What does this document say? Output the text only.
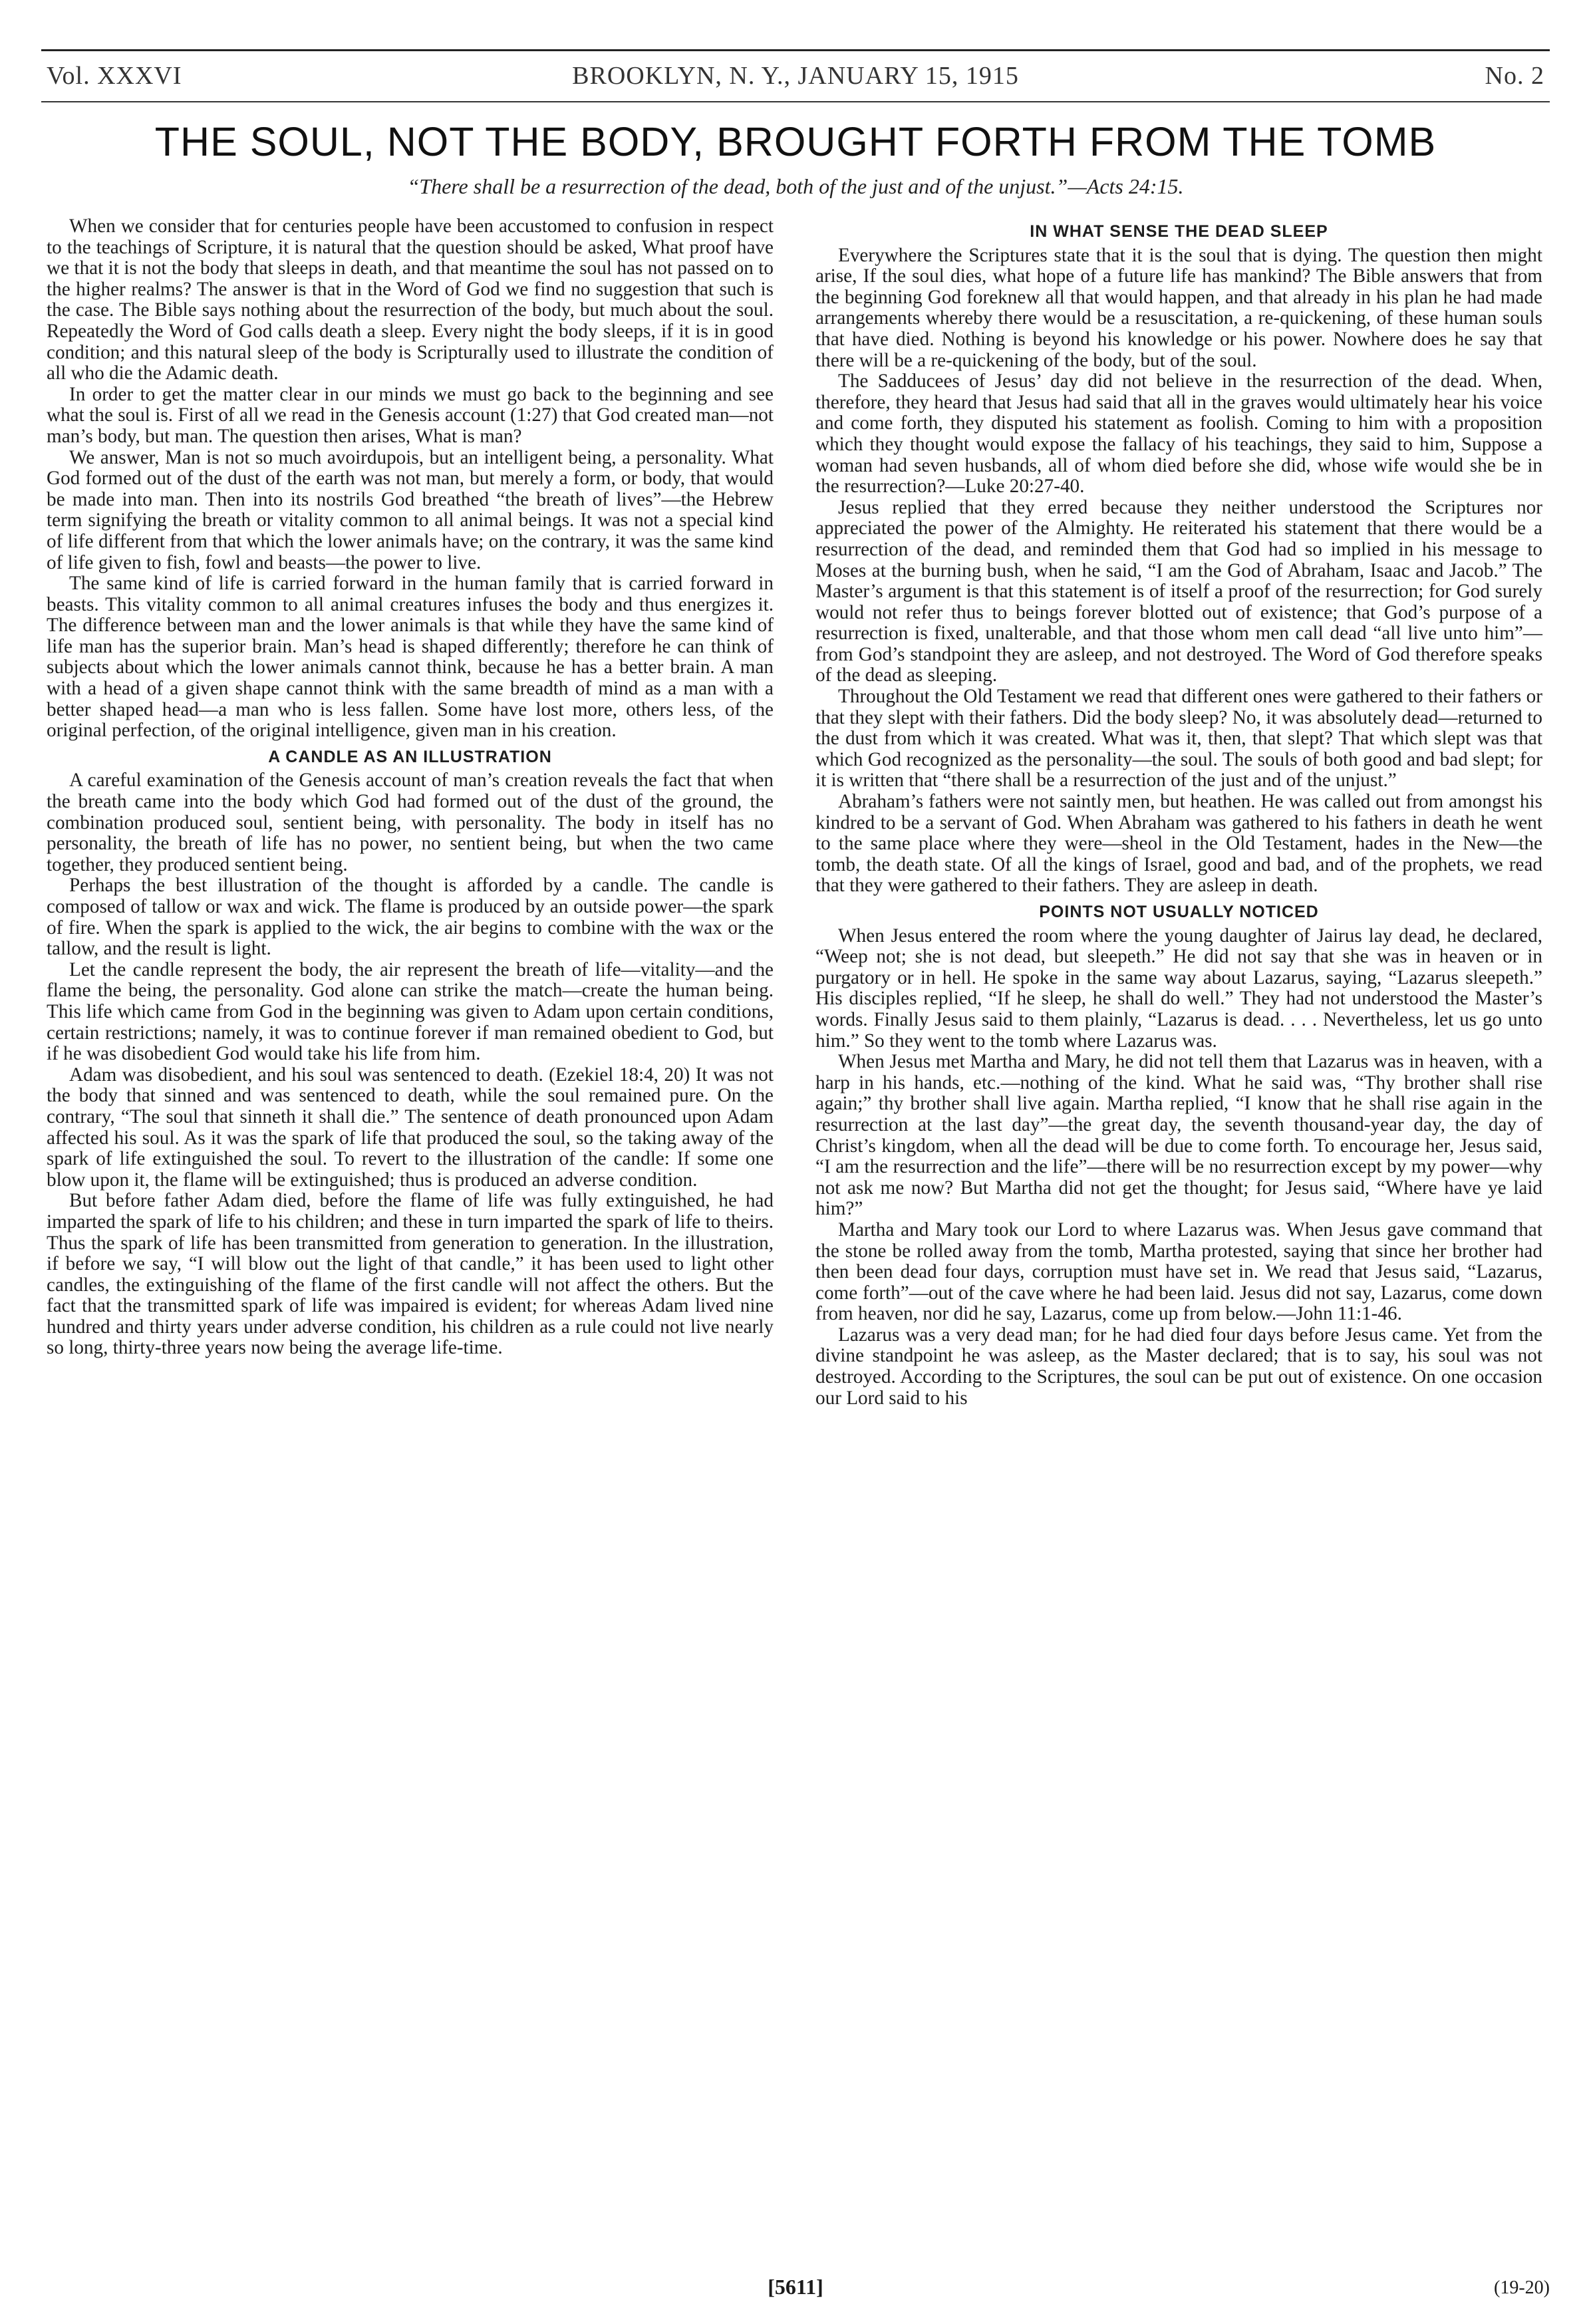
Vol. XXXVI	BROOKLYN, N. Y., JANUARY 15, 1915	No. 2
THE SOUL, NOT THE BODY, BROUGHT FORTH FROM THE TOMB
“There shall be a resurrection of the dead, both of the just and of the unjust.”—Acts 24:15.

When we consider that for centuries people have been accustomed to confusion in respect to the teachings of Scripture, it is natural that the question should be asked, What proof have we that it is not the body that sleeps in death, and that meantime the soul has not passed on to the higher realms? The answer is that in the Word of God we find no suggestion that such is the case. The Bible says nothing about the resurrection of the body, but much about the soul. Repeatedly the Word of God calls death a sleep. Every night the body sleeps, if it is in good condition; and this natural sleep of the body is Scripturally used to illustrate the condition of all who die the Adamic death.

In order to get the matter clear in our minds we must go back to the beginning and see what the soul is. First of all we read in the Genesis account (1:27) that God created man—not man’s body, but man. The question then arises, What is man?

We answer, Man is not so much avoirdupois, but an intelligent being, a personality. What God formed out of the dust of the earth was not man, but merely a form, or body, that would be made into man. Then into its nostrils God breathed “the breath of lives”—the Hebrew term signifying the breath or vitality common to all animal beings. It was not a special kind of life different from that which the lower animals have; on the contrary, it was the same kind of life given to fish, fowl and beasts—the power to live.

The same kind of life is carried forward in the human family that is carried forward in beasts. This vitality common to all animal creatures infuses the body and thus energizes it. The difference between man and the lower animals is that while they have the same kind of life man has the superior brain. Man’s head is shaped differently; therefore he can think of subjects about which the lower animals cannot think, because he has a better brain. A man with a head of a given shape cannot think with the same breadth of mind as a man with a better shaped head—a man who is less fallen. Some have lost more, others less, of the original perfection, of the original intelligence, given man in his creation.

A CANDLE AS AN ILLUSTRATION

A careful examination of the Genesis account of man’s creation reveals the fact that when the breath came into the body which God had formed out of the dust of the ground, the combination produced soul, sentient being, with personality. The body in itself has no personality, the breath of life has no power, no sentient being, but when the two came together, they produced sentient being.

Perhaps the best illustration of the thought is afforded by a candle. The candle is composed of tallow or wax and wick. The flame is produced by an outside power—the spark of fire. When the spark is applied to the wick, the air begins to combine with the wax or the tallow, and the result is light.

Let the candle represent the body, the air represent the breath of life—vitality—and the flame the being, the personality. God alone can strike the match—create the human being. This life which came from God in the beginning was given to Adam upon certain conditions, certain restrictions; namely, it was to continue forever if man remained obedient to God, but if he was disobedient God would take his life from him.

Adam was disobedient, and his soul was sentenced to death. (Ezekiel 18:4, 20) It was not the body that sinned and was sentenced to death, while the soul remained pure. On the contrary, “The soul that sinneth it shall die.” The sentence of death pronounced upon Adam affected his soul. As it was the spark of life that produced the soul, so the taking away of the spark of life extinguished the soul. To revert to the illustration of the candle: If some one blow upon it, the flame will be extinguished; thus is produced an adverse condition.

But before father Adam died, before the flame of life was fully extinguished, he had imparted the spark of life to his children; and these in turn imparted the spark of life to theirs. Thus the spark of life has been transmitted from generation to generation. In the illustration, if before we say, “I will blow out the light of that candle,” it has been used to light other candles, the extinguishing of the flame of the first candle will not affect the others. But the fact that the transmitted spark of life was impaired is evident; for whereas Adam lived nine hundred and thirty years under adverse condition, his children as a rule could not live nearly so long, thirty-three years now being the average life-time.

IN WHAT SENSE THE DEAD SLEEP

Everywhere the Scriptures state that it is the soul that is dying. The question then might arise, If the soul dies, what hope of a future life has mankind? The Bible answers that from the beginning God foreknew all that would happen, and that already in his plan he had made arrangements whereby there would be a resuscitation, a re-quickening, of these human souls that have died. Nothing is beyond his knowledge or his power. Nowhere does he say that there will be a re-quickening of the body, but of the soul.

The Sadducees of Jesus’ day did not believe in the resurrection of the dead. When, therefore, they heard that Jesus had said that all in the graves would ultimately hear his voice and come forth, they disputed his statement as foolish. Coming to him with a proposition which they thought would expose the fallacy of his teachings, they said to him, Suppose a woman had seven husbands, all of whom died before she did, whose wife would she be in the resurrection?—Luke 20:27-40.

Jesus replied that they erred because they neither understood the Scriptures nor appreciated the power of the Almighty. He reiterated his statement that there would be a resurrection of the dead, and reminded them that God had so implied in his message to Moses at the burning bush, when he said, “I am the God of Abraham, Isaac and Jacob.” The Master’s argument is that this statement is of itself a proof of the resurrection; for God surely would not refer thus to beings forever blotted out of existence; that God’s purpose of a resurrection is fixed, unalterable, and that those whom men call dead “all live unto him”—from God’s standpoint they are asleep, and not destroyed. The Word of God therefore speaks of the dead as sleeping.

Throughout the Old Testament we read that different ones were gathered to their fathers or that they slept with their fathers. Did the body sleep? No, it was absolutely dead—returned to the dust from which it was created. What was it, then, that slept? That which slept was that which God recognized as the personality—the soul. The souls of both good and bad slept; for it is written that “there shall be a resurrection of the just and of the unjust.”

Abraham’s fathers were not saintly men, but heathen. He was called out from amongst his kindred to be a servant of God. When Abraham was gathered to his fathers in death he went to the same place where they were—sheol in the Old Testament, hades in the New—the tomb, the death state. Of all the kings of Israel, good and bad, and of the prophets, we read that they were gathered to their fathers. They are asleep in death.

POINTS NOT USUALLY NOTICED

When Jesus entered the room where the young daughter of Jairus lay dead, he declared, “Weep not; she is not dead, but sleepeth.” He did not say that she was in heaven or in purgatory or in hell. He spoke in the same way about Lazarus, saying, “Lazarus sleepeth.” His disciples replied, “If he sleep, he shall do well.” They had not understood the Master’s words. Finally Jesus said to them plainly, “Lazarus is dead. . . . Nevertheless, let us go unto him.” So they went to the tomb where Lazarus was.

When Jesus met Martha and Mary, he did not tell them that Lazarus was in heaven, with a harp in his hands, etc.—nothing of the kind. What he said was, “Thy brother shall rise again;” thy brother shall live again. Martha replied, “I know that he shall rise again in the resurrection at the last day”—the great day, the seventh thousand-year day, the day of Christ’s kingdom, when all the dead will be due to come forth. To encourage her, Jesus said, “I am the resurrection and the life”—there will be no resurrection except by my power—why not ask me now? But Martha did not get the thought; for Jesus said, “Where have ye laid him?”

Martha and Mary took our Lord to where Lazarus was. When Jesus gave command that the stone be rolled away from the tomb, Martha protested, saying that since her brother had then been dead four days, corruption must have set in. We read that Jesus said, “Lazarus, come forth”—out of the cave where he had been laid. Jesus did not say, Lazarus, come down from heaven, nor did he say, Lazarus, come up from below.—John 11:1-46.

Lazarus was a very dead man; for he had died four days before Jesus came. Yet from the divine standpoint he was asleep, as the Master declared; that is to say, his soul was not destroyed. According to the Scriptures, the soul can be put out of existence. On one occasion our Lord said to his

[5611]	(19-20)
